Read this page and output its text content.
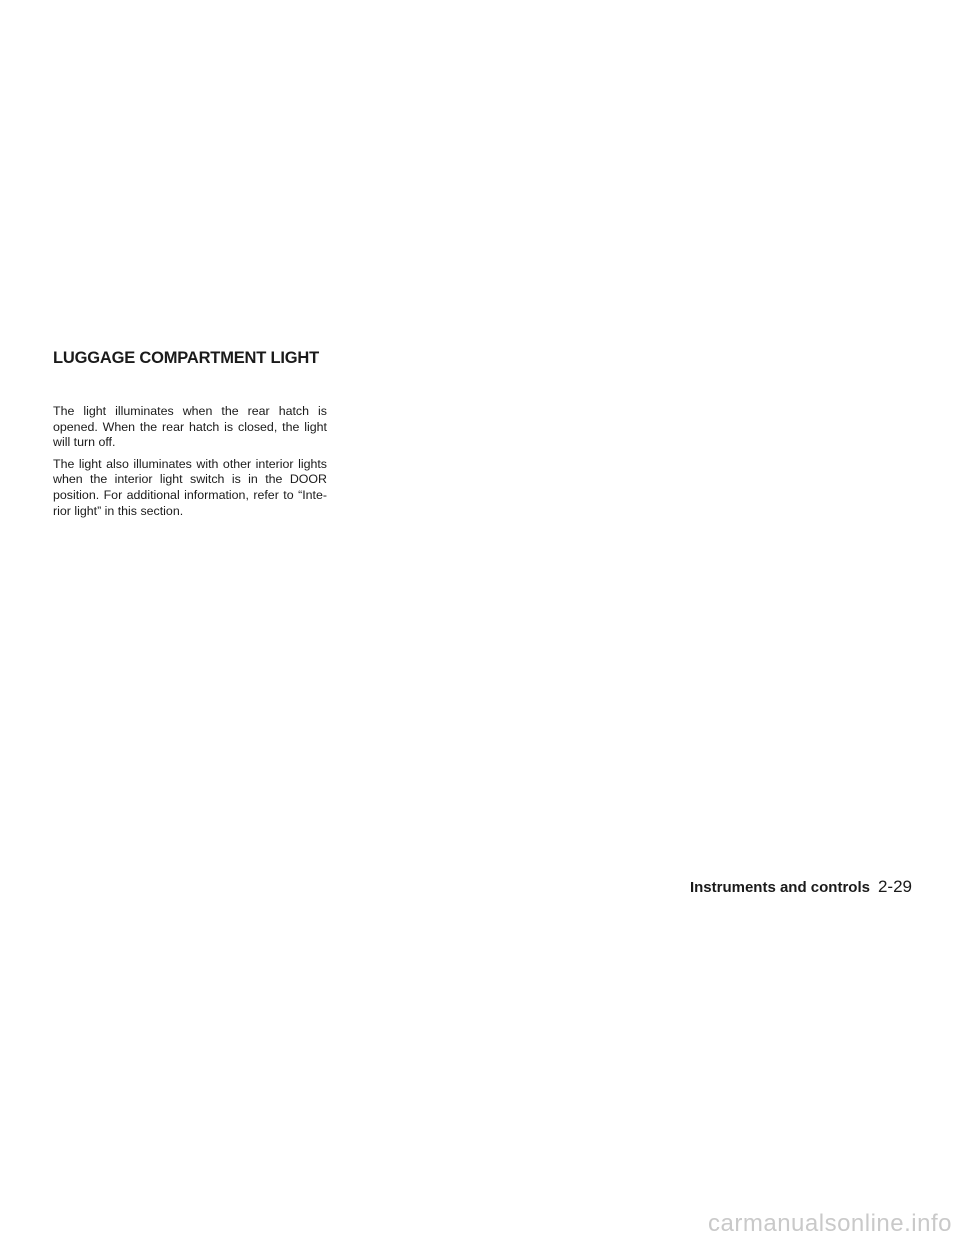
LUGGAGE COMPARTMENT LIGHT

The light illuminates when the rear hatch is opened. When the rear hatch is closed, the light will turn off.

The light also illuminates with other interior lights when the interior light switch is in the DOOR position. For additional information, refer to “Inte-rior light” in this section.

Instruments and controls 2-29
carmanualsonline.info
